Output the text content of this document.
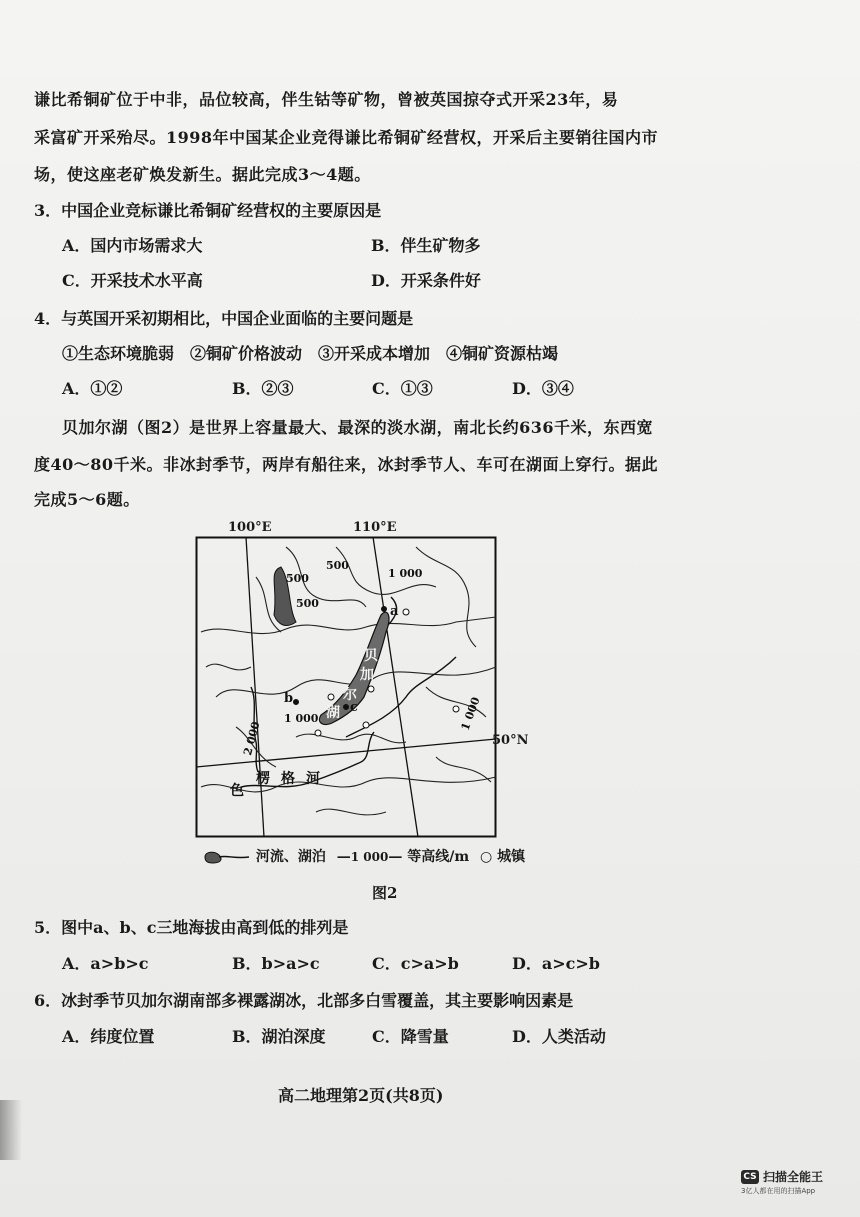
谦比希铜矿位于中非，品位较高，伴生钴等矿物，曾被英国掠夺式开采23年，易
采富矿开采殆尽。1998年中国某企业竞得谦比希铜矿经营权，开采后主要销往国内市
场，使这座老矿焕发新生。据此完成3～4题。
3．中国企业竞标谦比希铜矿经营权的主要原因是
A．国内市场需求大	B．伴生矿物多
C．开采技术水平高	D．开采条件好
4．与英国开采初期相比，中国企业面临的主要问题是
①生态环境脆弱　②铜矿价格波动　③开采成本增加　④铜矿资源枯竭
A．①②	B．②③	C．①③	D．③④
贝加尔湖（图2）是世界上容量最大、最深的淡水湖，南北长约636千米，东西宽
度40～80千米。非冰封季节，两岸有船往来，冰封季节人、车可在湖面上穿行。据此
完成5～6题。
500
500
500
1 000
1 000	1 000
2 000
贝
加
尔
湖
a
b
c
色
楞 格 河
100°E	110°E
50°N
河流、湖泊 —1 000— 等高线/m ○ 城镇
图2
5．图中a、b、c三地海拔由高到低的排列是
A．a>b>c	B．b>a>c	C．c>a>b	D．a>c>b
6．冰封季节贝加尔湖南部多裸露湖冰，北部多白雪覆盖，其主要影响因素是
A．纬度位置	B．湖泊深度	C．降雪量	D．人类活动
高二地理第2页(共8页)
CS 扫描全能王
3亿人都在用的扫描App
